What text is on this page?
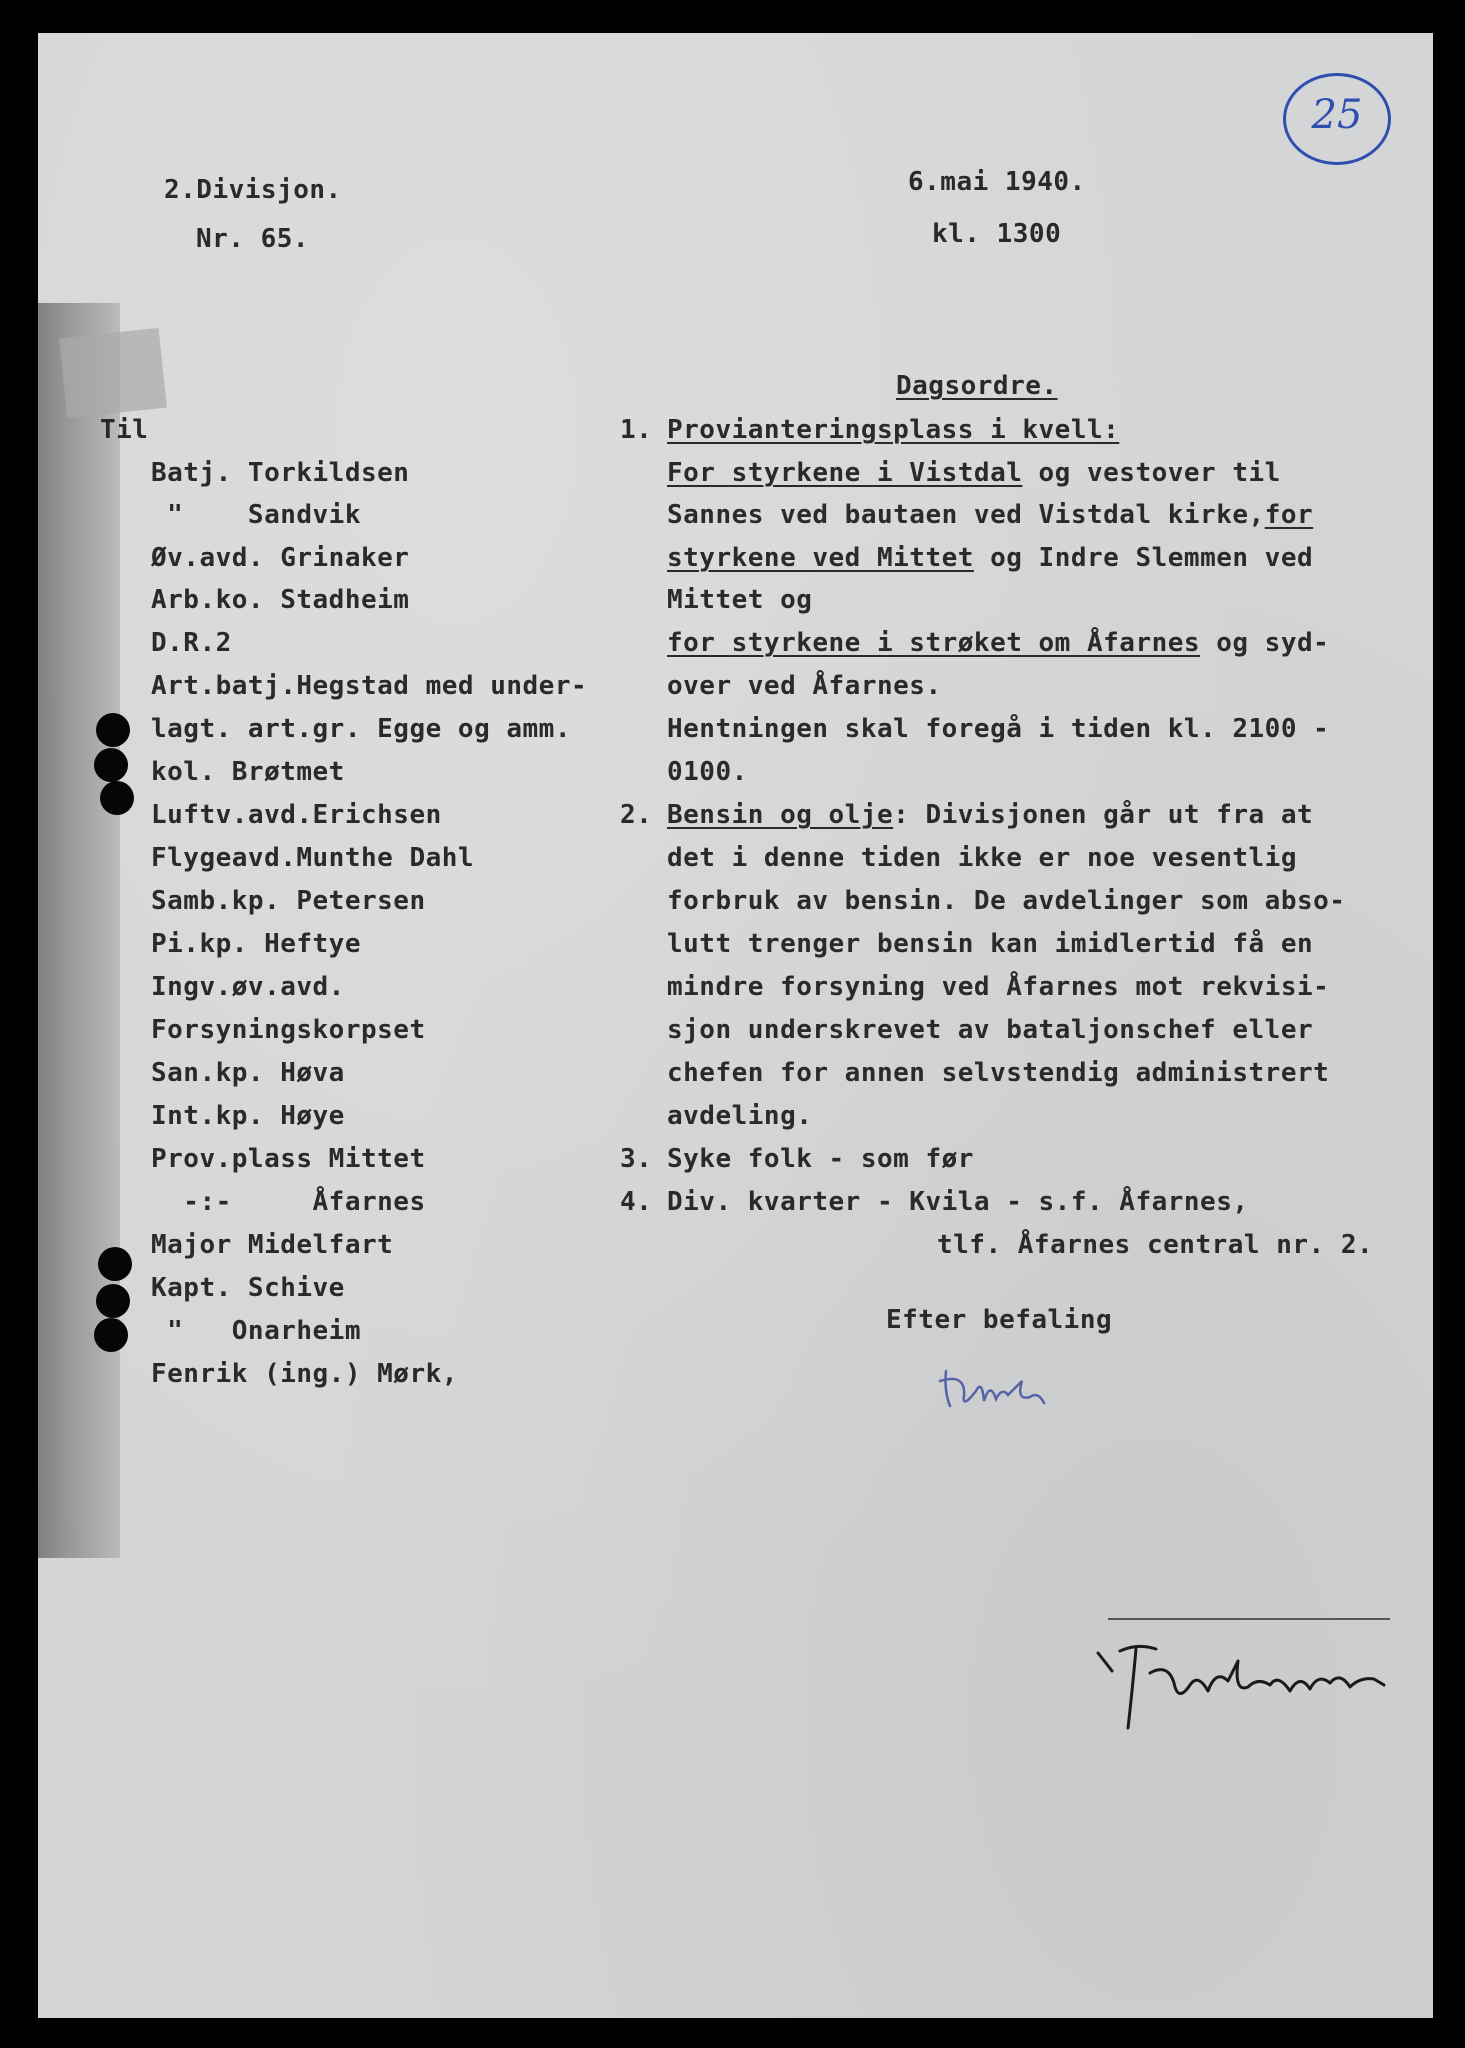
25
2.Divisjon.
Nr. 65.
6.mai 1940.
kl. 1300
Til
Batj. Torkildsen
"    Sandvik
Øv.avd. Grinaker
Arb.ko. Stadheim
D.R.2
Art.batj.Hegstad med under-
lagt. art.gr. Egge og amm.
kol. Brøtmet
Luftv.avd.Erichsen
Flygeavd.Munthe Dahl
Samb.kp. Petersen
Pi.kp. Heftye
Ingv.øv.avd.
Forsyningskorpset
San.kp. Høva
Int.kp. Høye
Prov.plass Mittet
-:-     Åfarnes
Major Midelfart
Kapt. Schive
"   Onarheim
Fenrik (ing.) Mørk,
Dagsordre.
1. Provianteringsplass i kvell:
For styrkene i Vistdal og vestover til
Sannes ved bautaen ved Vistdal kirke,for
styrkene ved Mittet og Indre Slemmen ved
Mittet og
for styrkene i strøket om Åfarnes og syd-
over ved Åfarnes.
Hentningen skal foregå i tiden kl. 2100 -
0100.
2. Bensin og olje: Divisjonen går ut fra at
det i denne tiden ikke er noe vesentlig
forbruk av bensin. De avdelinger som abso-
lutt trenger bensin kan imidlertid få en
mindre forsyning ved Åfarnes mot rekvisi-
sjon underskrevet av bataljonschef eller
chefen for annen selvstendig administrert
avdeling.
3. Syke folk - som før
4. Div. kvarter - Kvila - s.f. Åfarnes,
tlf. Åfarnes central nr. 2.
Efter befaling
